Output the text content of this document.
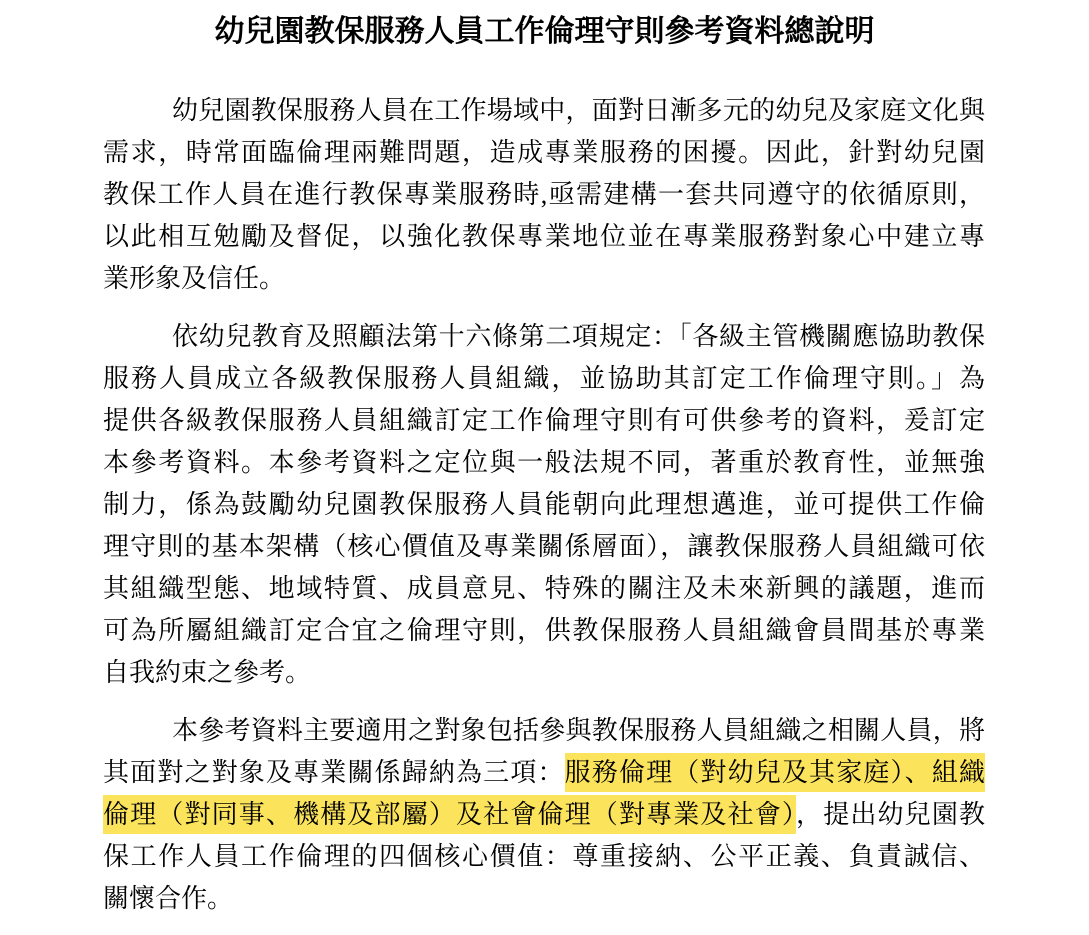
幼兒園教保服務人員工作倫理守則參考資料總說明
幼兒園教保服務人員在工作場域中，面對日漸多元的幼兒及家庭文化與
需求，時常面臨倫理兩難問題，造成專業服務的困擾。因此，針對幼兒園
教保工作人員在進行教保專業服務時,亟需建構一套共同遵守的依循原則，
以此相互勉勵及督促，以強化教保專業地位並在專業服務對象心中建立專
業形象及信任。
依幼兒教育及照顧法第十六條第二項規定：「各級主管機關應協助教保
服務人員成立各級教保服務人員組織，並協助其訂定工作倫理守則。」為
提供各級教保服務人員組織訂定工作倫理守則有可供參考的資料，爰訂定
本參考資料。本參考資料之定位與一般法規不同，著重於教育性，並無強
制力，係為鼓勵幼兒園教保服務人員能朝向此理想邁進，並可提供工作倫
理守則的基本架構（核心價值及專業關係層面），讓教保服務人員組織可依
其組織型態、地域特質、成員意見、特殊的關注及未來新興的議題，進而
可為所屬組織訂定合宜之倫理守則，供教保服務人員組織會員間基於專業
自我約束之參考。
本參考資料主要適用之對象包括參與教保服務人員組織之相關人員，將
其面對之對象及專業關係歸納為三項：服務倫理（對幼兒及其家庭）、組織
倫理（對同事、機構及部屬）及社會倫理（對專業及社會），提出幼兒園教
保工作人員工作倫理的四個核心價值：尊重接納、公平正義、負責誠信、
關懷合作。
